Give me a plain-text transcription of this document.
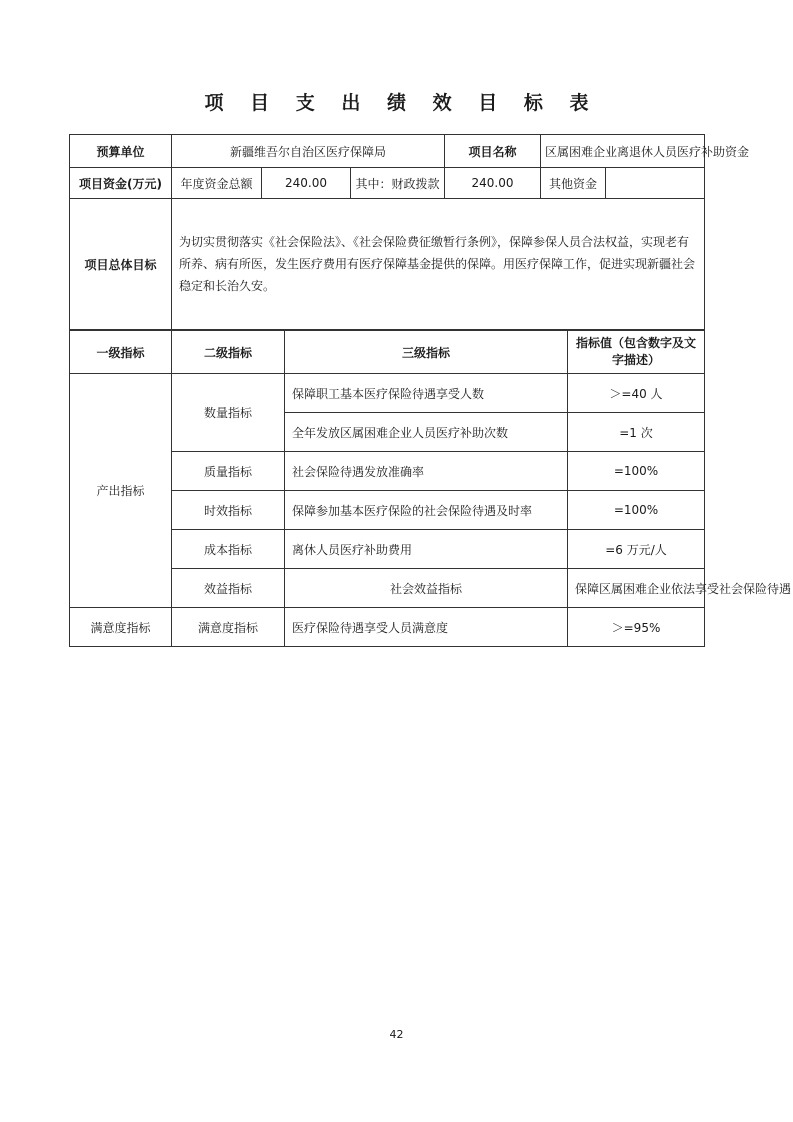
项 目 支 出 绩 效 目 标 表
预算单位	新疆维吾尔自治区医疗保障局			项目名称	区属困难企业离退休人员医疗补助资金	
项目资金(万元)	年度资金总额	240.00	其中：财政拨款	240.00	其他资金	
项目总体目标	为切实贯彻落实《社会保险法》、《社会保险费征缴暂行条例》，保障参保人员合法权益，实现老有所养、病有所医，发生医疗费用有医疗保障基金提供的保障。用医疗保障工作，促进实现新疆社会稳定和长治久安。					
一级指标	二级指标	三级指标	指标值（包含数字及文字描述）	
产出指标	数量指标	保障职工基本医疗保险待遇享受人数	＞=40 人	
		全年发放区属困难企业人员医疗补助次数	=1 次	
	质量指标	社会保险待遇发放准确率	=100%	
	时效指标	保障参加基本医疗保险的社会保险待遇及时率	=100%	
	成本指标	离休人员医疗补助费用	=6 万元/人	
	效益指标	社会效益指标	保障区属困难企业依法享受社会保险待遇	
满意度指标	满意度指标	医疗保险待遇享受人员满意度	＞=95%	
42
